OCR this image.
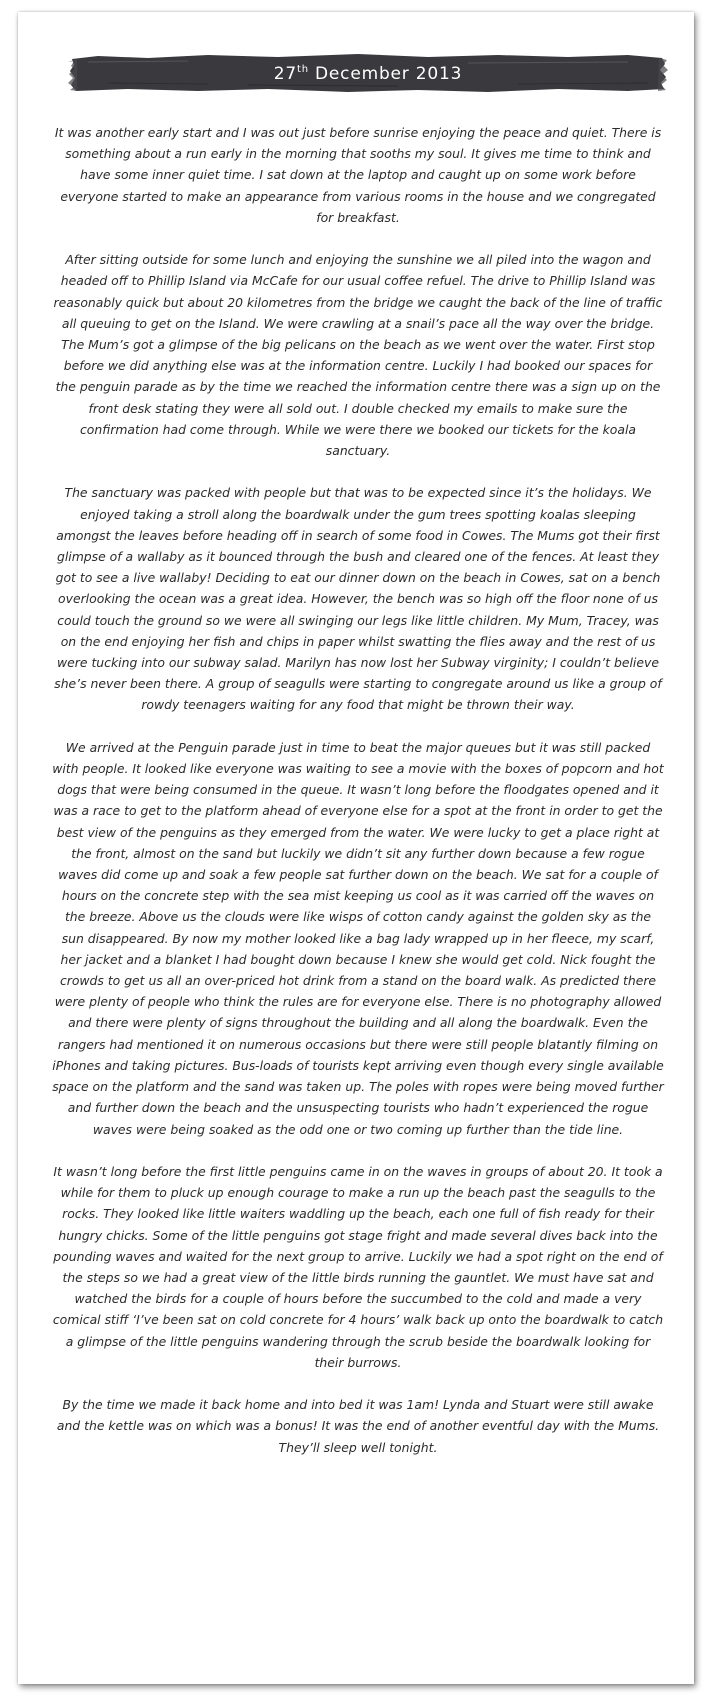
27th December 2013

It was another early start and I was out just before sunrise enjoying the peace and quiet. There is something about a run early in the morning that sooths my soul. It gives me time to think and have some inner quiet time. I sat down at the laptop and caught up on some work before everyone started to make an appearance from various rooms in the house and we congregated for breakfast.

After sitting outside for some lunch and enjoying the sunshine we all piled into the wagon and headed off to Phillip Island via McCafe for our usual coffee refuel. The drive to Phillip Island was reasonably quick but about 20 kilometres from the bridge we caught the back of the line of traffic all queuing to get on the Island. We were crawling at a snail’s pace all the way over the bridge. The Mum’s got a glimpse of the big pelicans on the beach as we went over the water. First stop before we did anything else was at the information centre. Luckily I had booked our spaces for the penguin parade as by the time we reached the information centre there was a sign up on the front desk stating they were all sold out. I double checked my emails to make sure the confirmation had come through. While we were there we booked our tickets for the koala sanctuary.

The sanctuary was packed with people but that was to be expected since it’s the holidays. We enjoyed taking a stroll along the boardwalk under the gum trees spotting koalas sleeping amongst the leaves before heading off in search of some food in Cowes. The Mums got their first glimpse of a wallaby as it bounced through the bush and cleared one of the fences. At least they got to see a live wallaby! Deciding to eat our dinner down on the beach in Cowes, sat on a bench overlooking the ocean was a great idea. However, the bench was so high off the floor none of us could touch the ground so we were all swinging our legs like little children. My Mum, Tracey, was on the end enjoying her fish and chips in paper whilst swatting the flies away and the rest of us were tucking into our subway salad. Marilyn has now lost her Subway virginity; I couldn’t believe she’s never been there. A group of seagulls were starting to congregate around us like a group of rowdy teenagers waiting for any food that might be thrown their way.

We arrived at the Penguin parade just in time to beat the major queues but it was still packed with people. It looked like everyone was waiting to see a movie with the boxes of popcorn and hot dogs that were being consumed in the queue. It wasn’t long before the floodgates opened and it was a race to get to the platform ahead of everyone else for a spot at the front in order to get the best view of the penguins as they emerged from the water. We were lucky to get a place right at the front, almost on the sand but luckily we didn’t sit any further down because a few rogue waves did come up and soak a few people sat further down on the beach. We sat for a couple of hours on the concrete step with the sea mist keeping us cool as it was carried off the waves on the breeze. Above us the clouds were like wisps of cotton candy against the golden sky as the sun disappeared. By now my mother looked like a bag lady wrapped up in her fleece, my scarf, her jacket and a blanket I had bought down because I knew she would get cold. Nick fought the crowds to get us all an over-priced hot drink from a stand on the board walk. As predicted there were plenty of people who think the rules are for everyone else. There is no photography allowed and there were plenty of signs throughout the building and all along the boardwalk. Even the rangers had mentioned it on numerous occasions but there were still people blatantly filming on iPhones and taking pictures. Bus-loads of tourists kept arriving even though every single available space on the platform and the sand was taken up. The poles with ropes were being moved further and further down the beach and the unsuspecting tourists who hadn’t experienced the rogue waves were being soaked as the odd one or two coming up further than the tide line.

It wasn’t long before the first little penguins came in on the waves in groups of about 20. It took a while for them to pluck up enough courage to make a run up the beach past the seagulls to the rocks. They looked like little waiters waddling up the beach, each one full of fish ready for their hungry chicks. Some of the little penguins got stage fright and made several dives back into the pounding waves and waited for the next group to arrive. Luckily we had a spot right on the end of the steps so we had a great view of the little birds running the gauntlet. We must have sat and watched the birds for a couple of hours before the succumbed to the cold and made a very comical stiff ‘I’ve been sat on cold concrete for 4 hours’ walk back up onto the boardwalk to catch a glimpse of the little penguins wandering through the scrub beside the boardwalk looking for their burrows.

By the time we made it back home and into bed it was 1am! Lynda and Stuart were still awake and the kettle was on which was a bonus! It was the end of another eventful day with the Mums. They’ll sleep well tonight.
